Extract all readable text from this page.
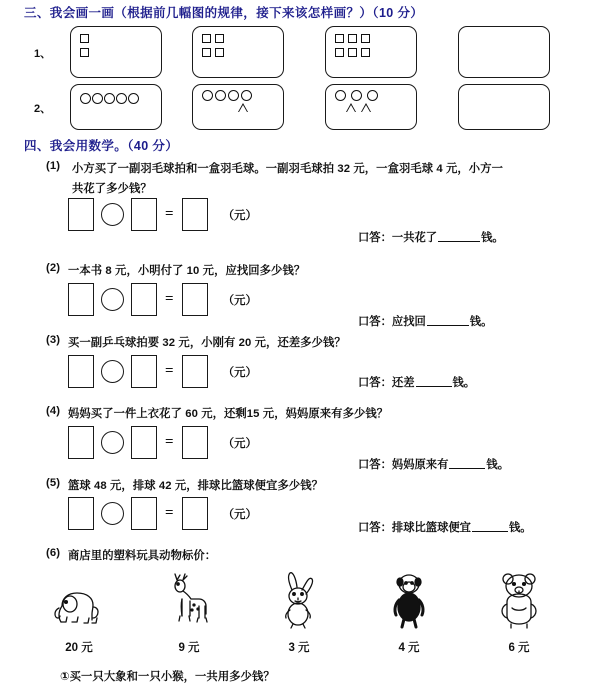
三、我会画一画（根据前几幅图的规律，接下来该怎样画？）（10 分）
1、
2、
四、我会用数学。（40 分）
(1) 小方买了一副羽毛球拍和一盒羽毛球。一副羽毛球拍 32 元，一盒羽毛球 4 元，小方一
共花了多少钱？
=	（元）
口答：一共花了	钱。
(2) 一本书 8 元，小明付了 10 元，应找回多少钱？
=	（元）
口答：应找回	钱。
(3) 买一副乒乓球拍要 32 元，小刚有 20 元，还差多少钱？
=	（元）
口答：还差	钱。
(4) 妈妈买了一件上衣花了 60 元，还剩15 元，妈妈原来有多少钱？
=	（元）
口答：妈妈原来有	钱。
(5) 篮球 48 元，排球 42 元，排球比篮球便宜多少钱？
=	（元）
口答：排球比篮球便宜	钱。
(6) 商店里的塑料玩具动物标价：
20 元	9 元	3 元	4 元	6 元
①买一只大象和一只小猴，一共用多少钱？
